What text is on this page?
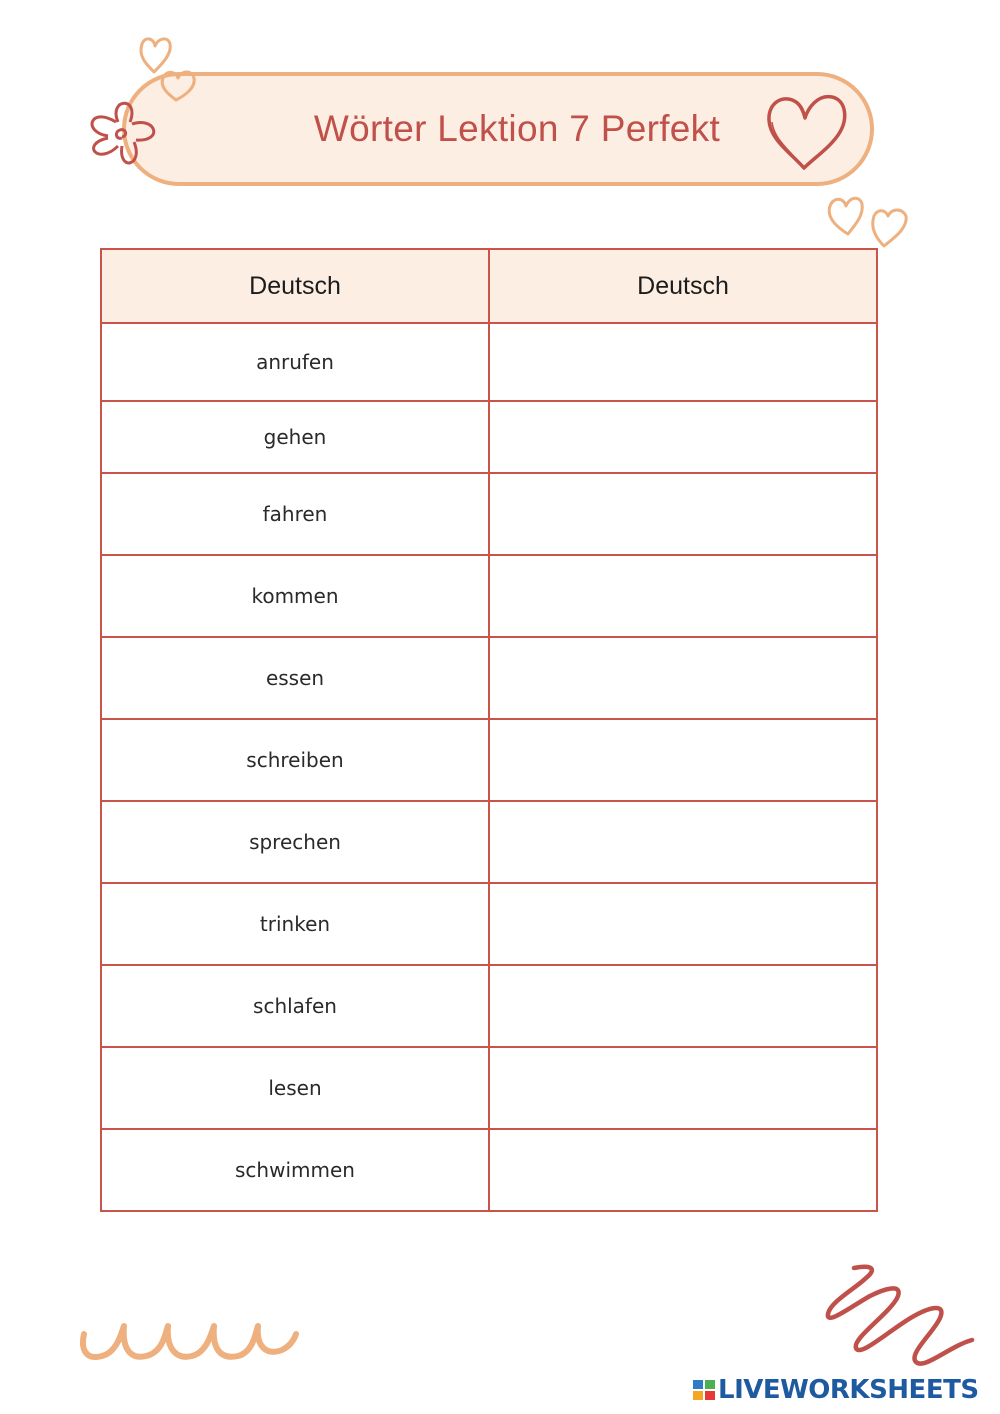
Wörter Lektion 7 Perfekt
Deutsch	Deutsch
anrufen	
gehen	
fahren	
kommen	
essen	
schreiben	
sprechen	
trinken	
schlafen	
lesen	
schwimmen	
LIVEWORKSHEETS
